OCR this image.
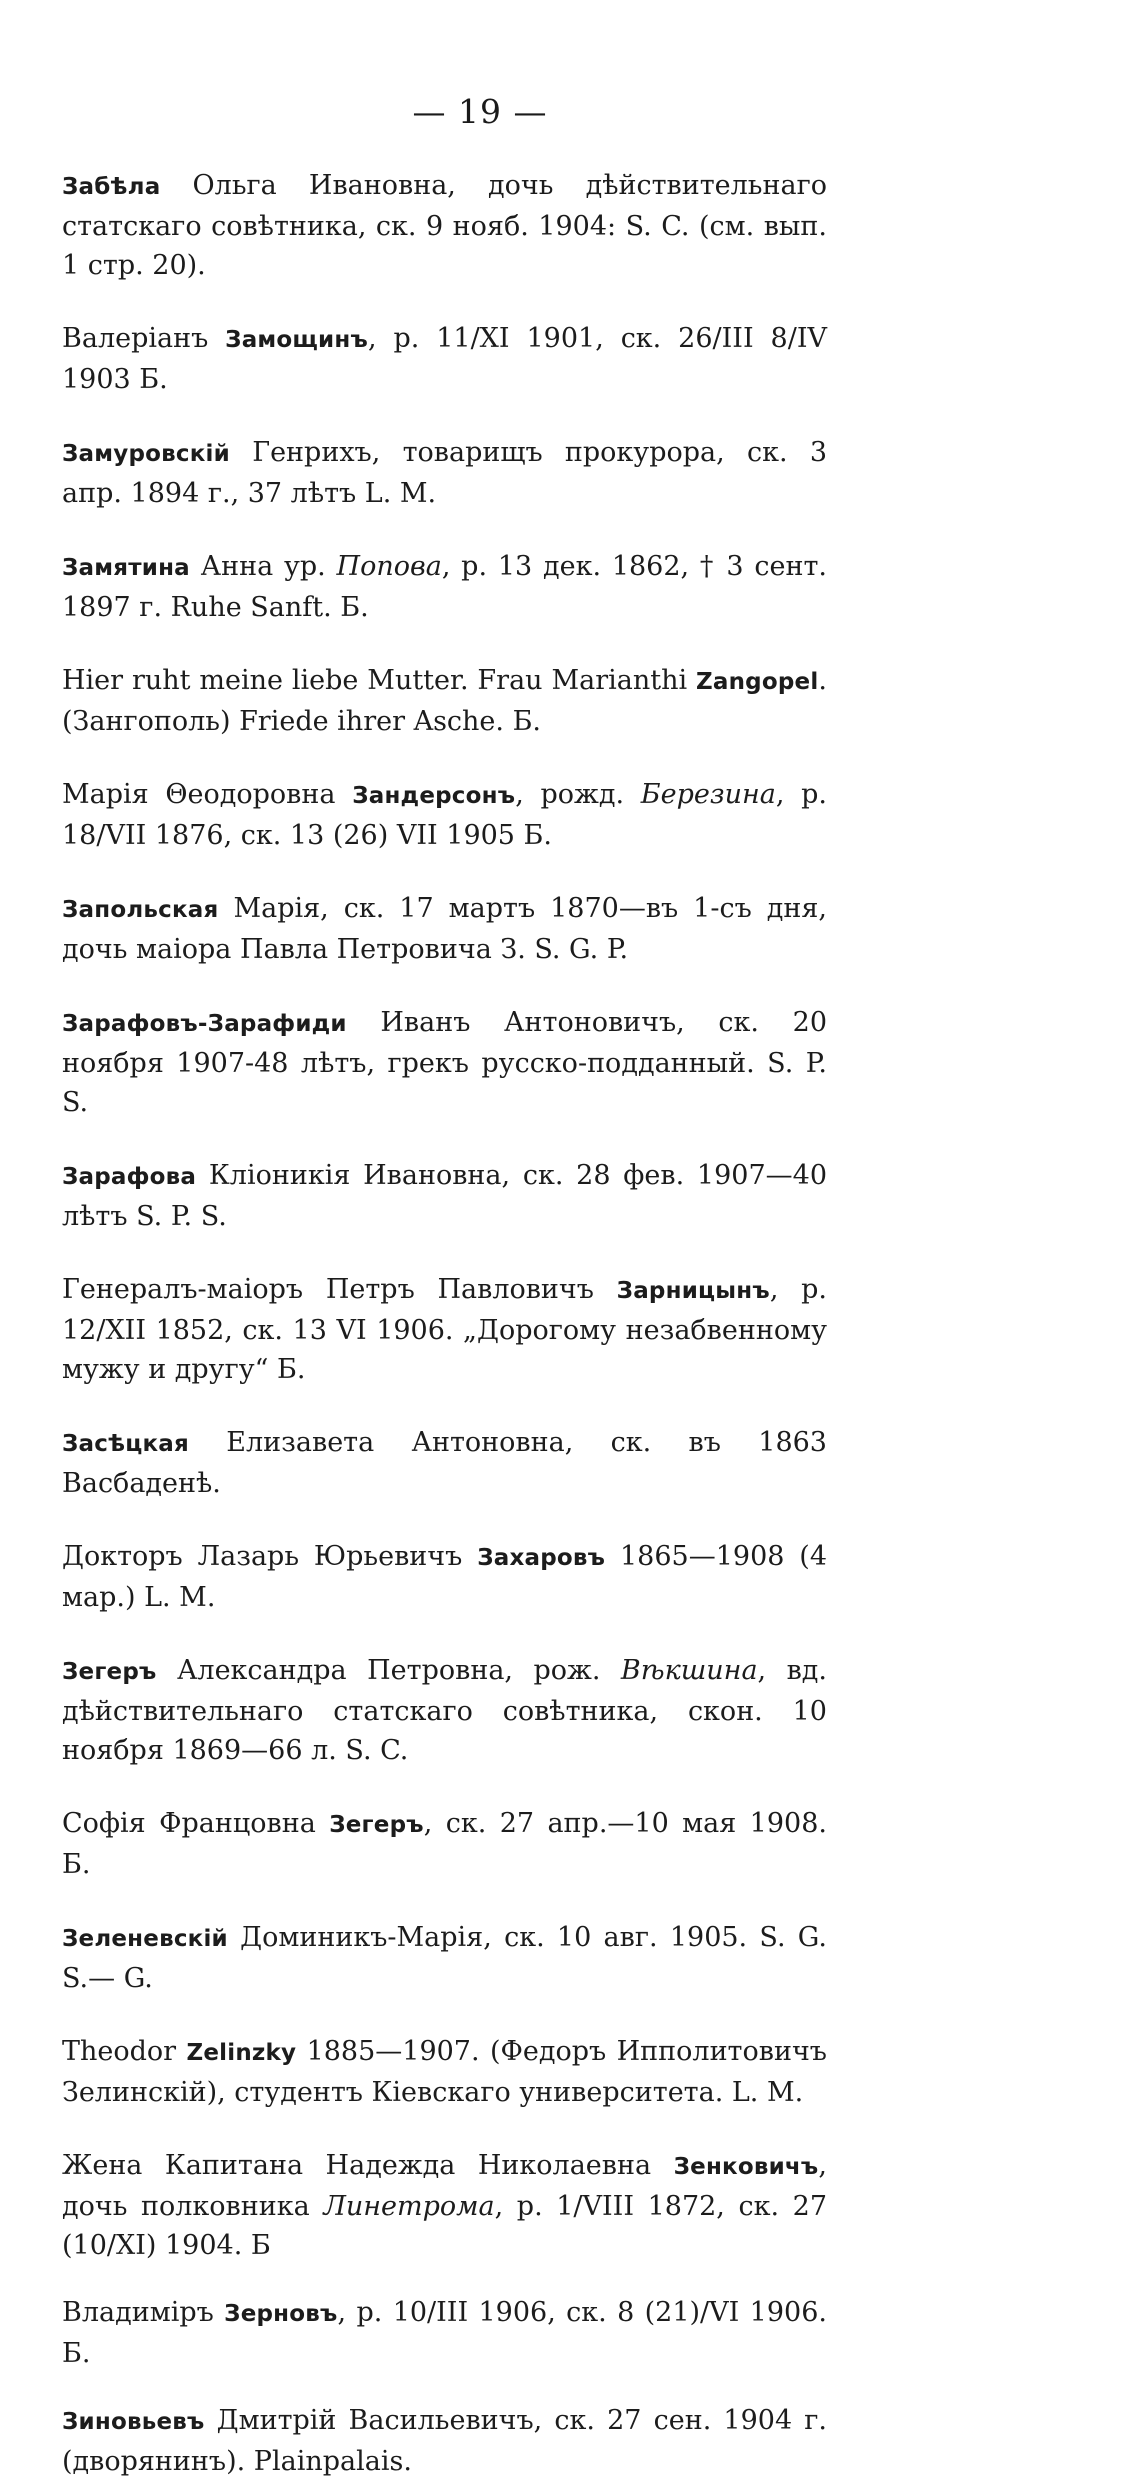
— 19 —

Забѣла Ольга Ивановна, дочь дѣйствительнаго статскаго совѣтника, ск. 9 нояб. 1904: S. C. (см. вып. 1 стр. 20).

Валеріанъ Замощинъ, р. 11/XI 1901, ск. 26/III 8/IV 1903 Б.

Замуровскій Генрихъ, товарищъ прокурора, ск. 3 апр. 1894 г., 37 лѣтъ L. M.

Замятина Анна ур. Попова, р. 13 дек. 1862, † 3 сент. 1897 г. Ruhe Sanft. Б.

Hier ruht meine liebe Mutter. Frau Marianthi Zangopel. (Зангополь) Friede ihrer Asche. Б.

Марія Θеодоровна Зандерсонъ, рожд. Березина, р. 18/VII 1876, ск. 13 (26) VII 1905 Б.

Запольская Марія, ск. 17 мартъ 1870—въ 1-съ дня, дочь маіора Павла Петровича З. S. G. P.

Зарафовъ-Зарафиди Иванъ Антоновичъ, ск. 20 ноября 1907-48 лѣтъ, грекъ русско-подданный. S. P. S.

Зарафова Кліоникія Ивановна, ск. 28 фев. 1907—40 лѣтъ S. P. S.

Генералъ-маіоръ Петръ Павловичъ Зарницынъ, р. 12/XII 1852, ск. 13 VI 1906. „Дорогому незабвенному мужу и другу“ Б.

Засѣцкая Елизавета Антоновна, ск. въ 1863 Васбаденѣ.

Докторъ Лазарь Юрьевичъ Захаровъ 1865—1908 (4 мар.) L. M.

Зегеръ Александра Петровна, рож. Вѣкшина, вд. дѣйствительнаго статскаго совѣтника, скон. 10 ноября 1869—66 л. S. C.

Софія Францовна Зегеръ, ск. 27 апр.—10 мая 1908. Б.

Зеленевскій Доминикъ-Марія, ск. 10 авг. 1905. S. G. S.— G.

Theodor Zelinzky 1885—1907. (Федоръ Ипполитовичъ Зелинскій), студентъ Кіевскаго университета. L. M.

Жена Капитана Надежда Николаевна Зенковичъ, дочь полковника Линетрома, р. 1/VIII 1872, ск. 27 (10/XI) 1904. Б

Владиміръ Зерновъ, р. 10/III 1906, ск. 8 (21)/VI 1906. Б.

Зиновьевъ Дмитрій Васильевичъ, ск. 27 сен. 1904 г. (дворянинъ). Plainpalais.
